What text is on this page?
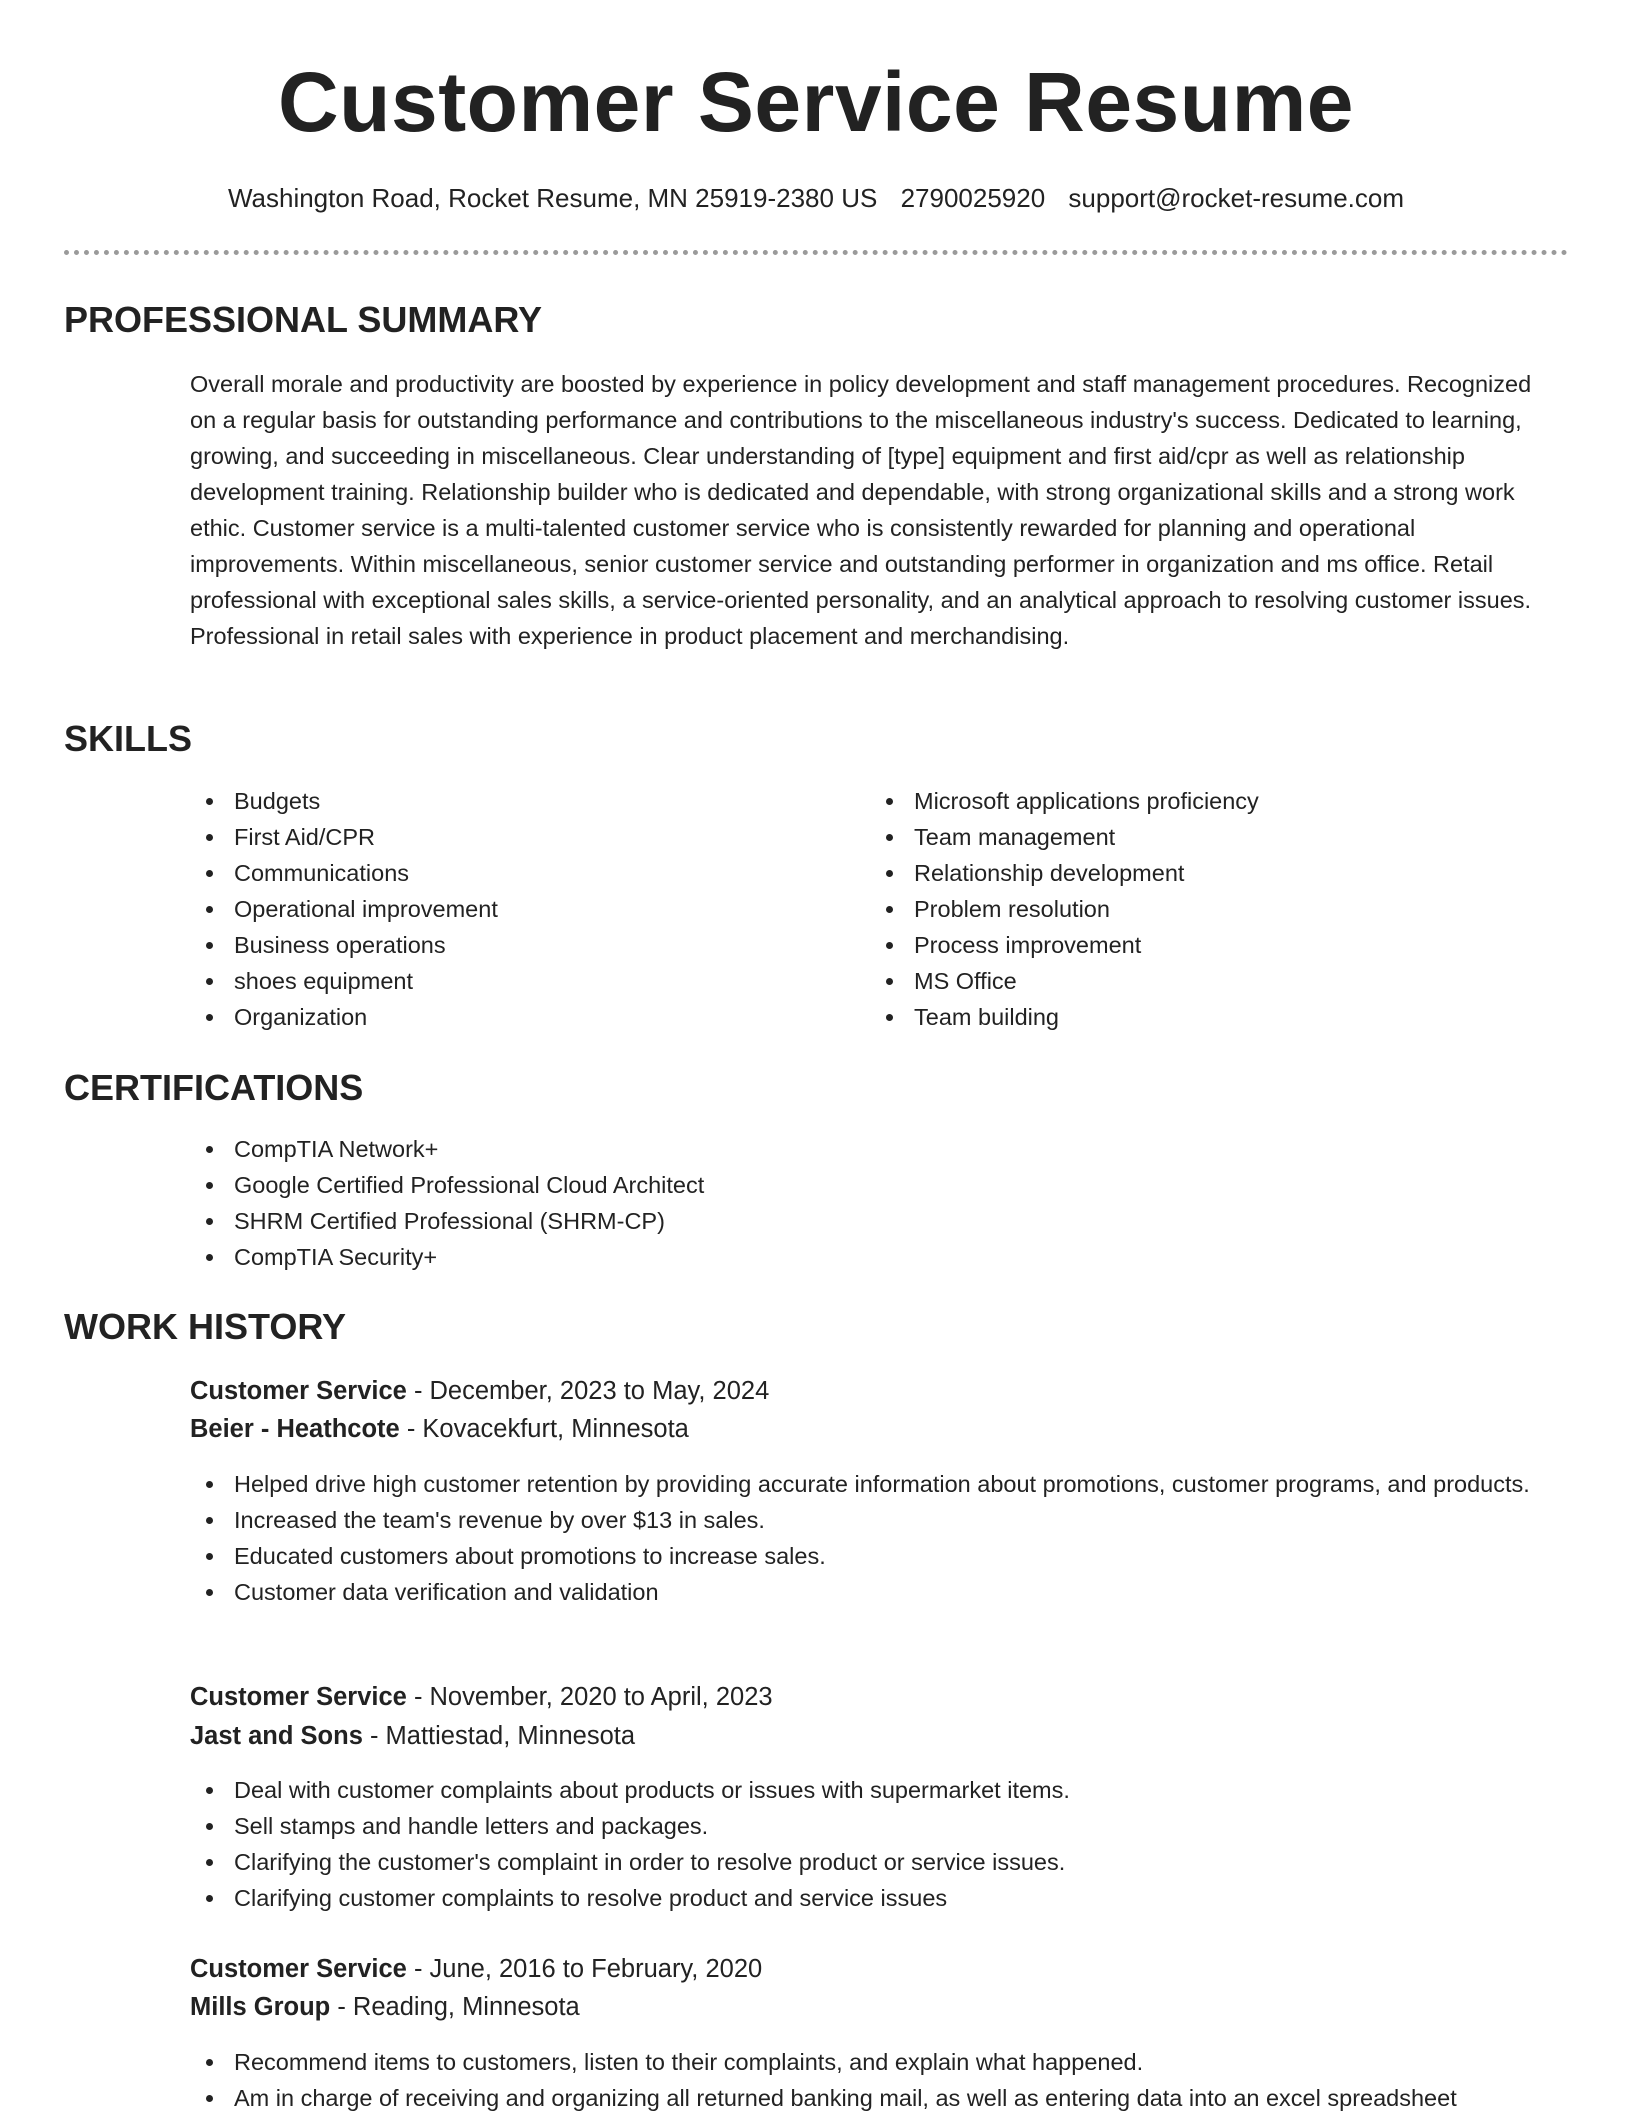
Customer Service Resume
Washington Road, Rocket Resume, MN 25919-2380 US 2790025920 support@rocket-resume.com
PROFESSIONAL SUMMARY

Overall morale and productivity are boosted by experience in policy development and staff management procedures. Recognized on a regular basis for outstanding performance and contributions to the miscellaneous industry's success. Dedicated to learning, growing, and succeeding in miscellaneous. Clear understanding of [type] equipment and first aid/cpr as well as relationship development training. Relationship builder who is dedicated and dependable, with strong organizational skills and a strong work ethic. Customer service is a multi-talented customer service who is consistently rewarded for planning and operational improvements. Within miscellaneous, senior customer service and outstanding performer in organization and ms office. Retail professional with exceptional sales skills, a service-oriented personality, and an analytical approach to resolving customer issues. Professional in retail sales with experience in product placement and merchandising.

SKILLS
Budgets
First Aid/CPR
Communications
Operational improvement
Business operations
shoes equipment
Organization
Microsoft applications proficiency
Team management
Relationship development
Problem resolution
Process improvement
MS Office
Team building
CERTIFICATIONS
CompTIA Network+
Google Certified Professional Cloud Architect
SHRM Certified Professional (SHRM-CP)
CompTIA Security+
WORK HISTORY

Customer Service - December, 2023 to May, 2024

Beier - Heathcote - Kovacekfurt, Minnesota

Helped drive high customer retention by providing accurate information about promotions, customer programs, and products.
Increased the team's revenue by over $13 in sales.
Educated customers about promotions to increase sales.
Customer data verification and validation

Customer Service - November, 2020 to April, 2023

Jast and Sons - Mattiestad, Minnesota

Deal with customer complaints about products or issues with supermarket items.
Sell stamps and handle letters and packages.
Clarifying the customer's complaint in order to resolve product or service issues.
Clarifying customer complaints to resolve product and service issues

Customer Service - June, 2016 to February, 2020

Mills Group - Reading, Minnesota

Recommend items to customers, listen to their complaints, and explain what happened.
Am in charge of receiving and organizing all returned banking mail, as well as entering data into an excel spreadsheet
